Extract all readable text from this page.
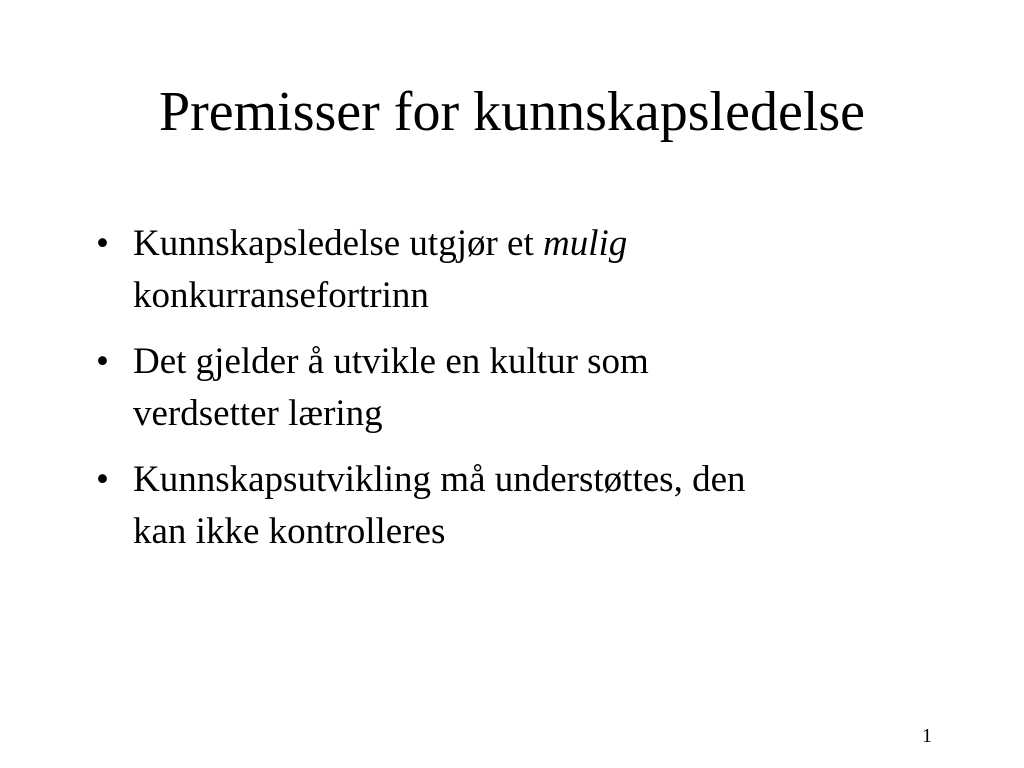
Premisser for kunnskapsledelse
• Kunnskapsledelse utgjør et mulig
konkurransefortrinn
• Det gjelder å utvikle en kultur som
verdsetter læring
• Kunnskapsutvikling må understøttes, den
kan ikke kontrolleres
1
